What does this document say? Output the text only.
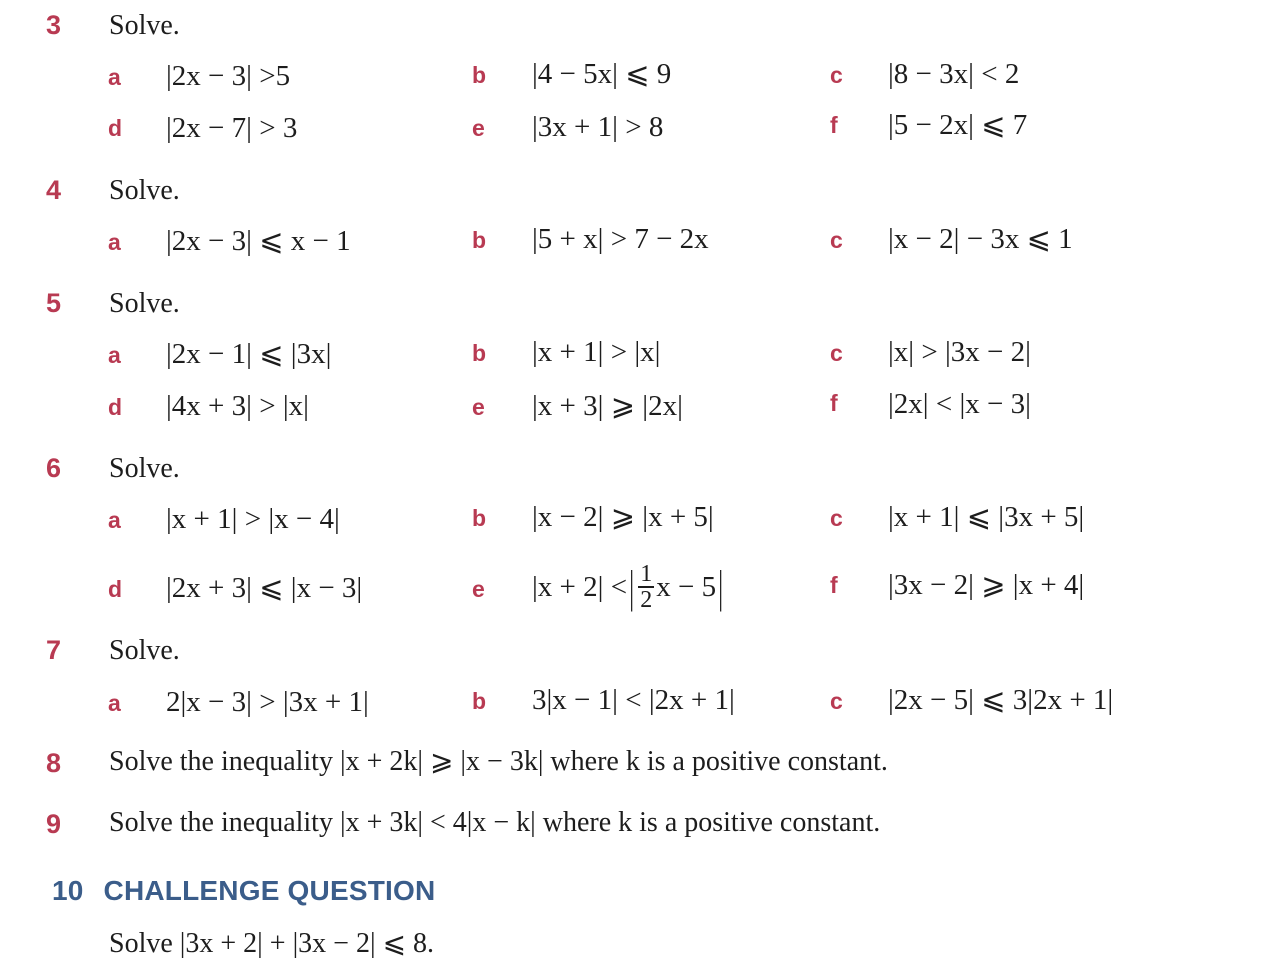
3	Solve.
a |2x − 3| >5	b |4 − 5x| ⩽ 9	c |8 − 3x| < 2
d |2x − 7| > 3	e |3x + 1| > 8	f |5 − 2x| ⩽ 7
4	Solve.
a |2x − 3| ⩽ x − 1	b |5 + x| > 7 − 2x	c |x − 2| − 3x ⩽ 1
5	Solve.
a |2x − 1| ⩽ |3x|	b |x + 1| > |x|	c |x| > |3x − 2|
d |4x + 3| > |x|	e |x + 3| ⩾ |2x|	f |2x| < |x − 3|
6	Solve.
a |x + 1| > |x − 4|	b |x − 2| ⩾ |x + 5|	c |x + 1| ⩽ |3x + 5|
d |2x + 3| ⩽ |x − 3|	e |x + 2| < | $\frac{1}{2}$ x − 5 |	f |3x − 2| ⩾ |x + 4|
7	Solve.
a 2|x − 3| > |3x + 1|	b 3|x − 1| < |2x + 1|	c |2x − 5| ⩽ 3|2x + 1|
8	Solve the inequality |x + 2k| ⩾ |x − 3k| where k is a positive constant.
9	Solve the inequality |x + 3k| < 4|x − k| where k is a positive constant.
10 CHALLENGE QUESTION
Solve |3x + 2| + |3x − 2| ⩽ 8.
